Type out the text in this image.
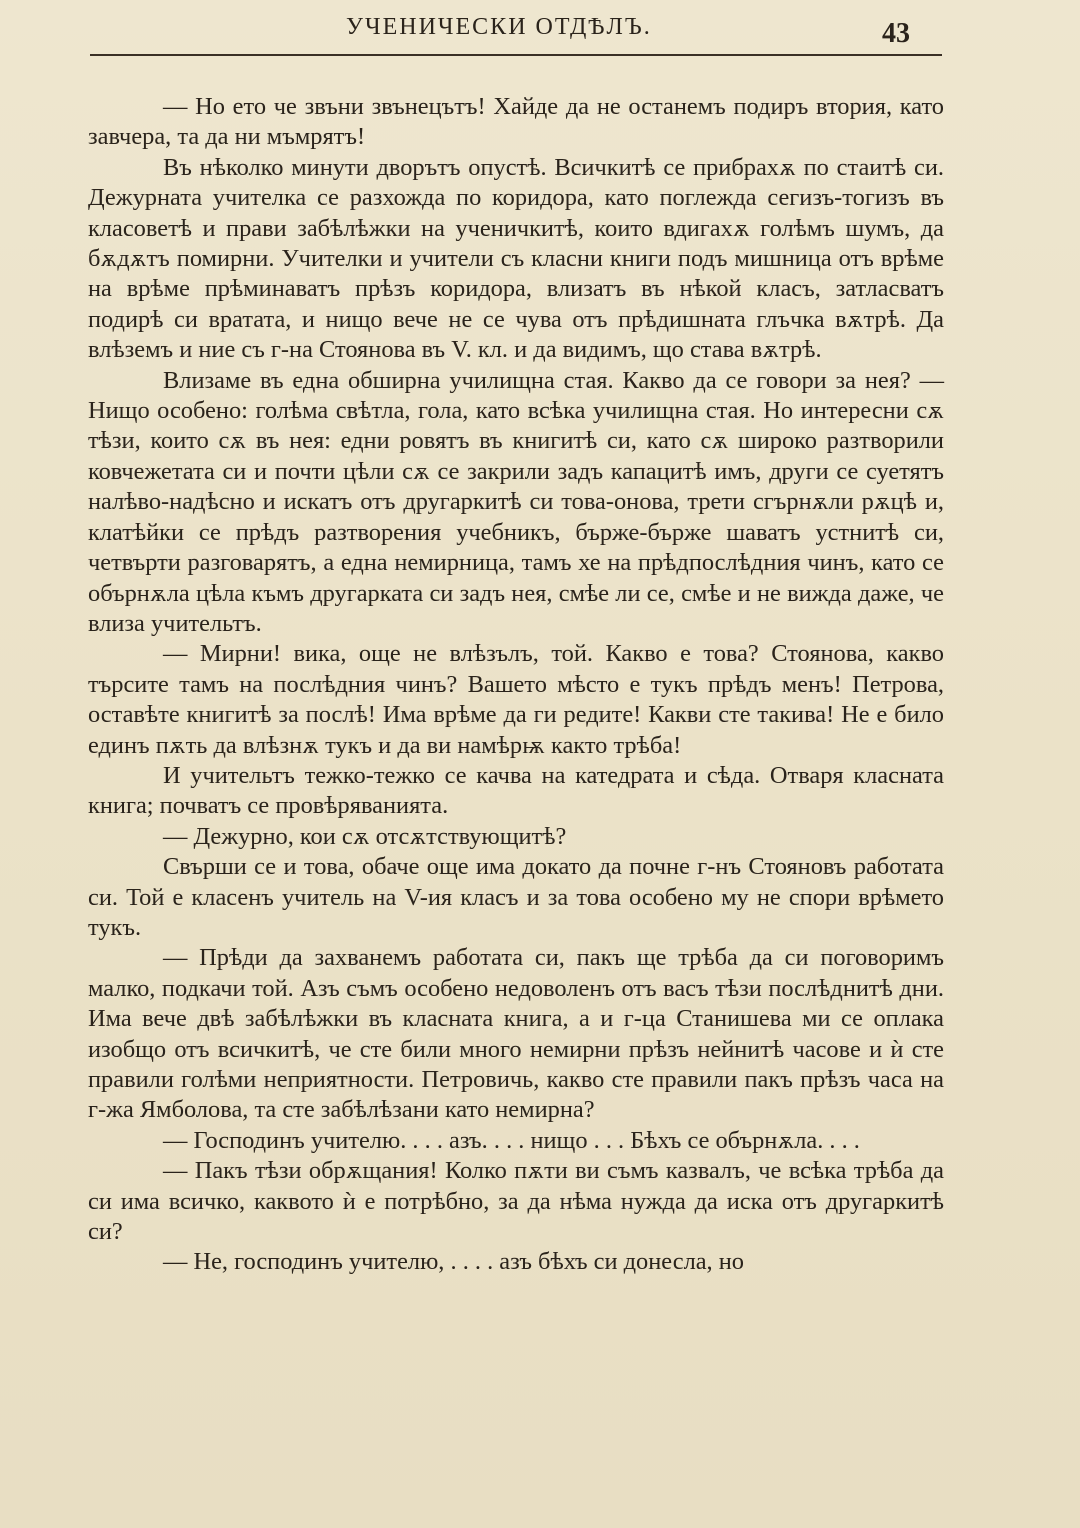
УЧЕНИЧЕСКИ ОТДѢЛЪ.	43

— Но ето че звъни звънецътъ! Хайде да не останемъ подиръ втория, като завчера, та да ни мъмрятъ!

Въ нѣколко минути дворътъ опустѣ. Всичкитѣ се прибрахѫ по стаитѣ си. Дежурната учителка се разхожда по коридора, като поглежда сегизъ-тогизъ въ класоветѣ и прави забѣлѣжки на ученичкитѣ, които вдигахѫ голѣмъ шумъ, да бѫдѫтъ помирни. Учителки и учители съ класни книги подъ мишница отъ врѣме на врѣме прѣминаватъ прѣзъ коридора, влизатъ въ нѣкой класъ, затласватъ подирѣ си вратата, и нищо вече не се чува отъ прѣдишната глъчка вѫтрѣ. Да влѣземъ и ние съ г-на Стоянова въ V. кл. и да видимъ, що става вѫтрѣ.

Влизаме въ една обширна училищна стая. Какво да се говори за нея? — Нищо особено: голѣма свѣтла, гола, като всѣка училищна стая. Но интересни сѫ тѣзи, които сѫ въ нея: едни ровятъ въ книгитѣ си, като сѫ широко разтворили ковчежетата си и почти цѣли сѫ се закрили задъ капацитѣ имъ, други се суетятъ налѣво-надѣсно и искатъ отъ другаркитѣ си това-онова, трети сгърнѫли рѫцѣ и, клатѣйки се прѣдъ разтворения учебникъ, бърже-бърже шаватъ устнитѣ си, четвърти разговарятъ, а една немирница, тамъ хе на прѣдпослѣдния чинъ, като се обърнѫла цѣла къмъ другарката си задъ нея, смѣе ли се, смѣе и не вижда даже, че влиза учительтъ.

— Мирни! вика, още не влѣзълъ, той. Какво е това? Стоянова, какво търсите тамъ на послѣдния чинъ? Вашето мѣсто е тукъ прѣдъ менъ! Петрова, оставѣте книгитѣ за послѣ! Има врѣме да ги редите! Какви сте такива! Не е било единъ пѫть да влѣзнѫ тукъ и да ви намѣрѭ както трѣба!

И учительтъ тежко-тежко се качва на катедрата и сѣда. Отваря класната книга; почватъ се провѣряванията.

— Дежурно, кои сѫ отсѫтствующитѣ?

Свърши се и това, обаче още има докато да почне г-нъ Стояновъ работата си. Той е класенъ учитель на V-ия класъ и за това особено му не спори врѣмето тукъ.

— Прѣди да захванемъ работата си, пакъ ще трѣба да си поговоримъ малко, подкачи той. Азъ съмъ особено недоволенъ отъ васъ тѣзи послѣднитѣ дни. Има вече двѣ забѣлѣжки въ класната книга, а и г-ца Станишева ми се оплака изобщо отъ всичкитѣ, че сте били много немирни прѣзъ нейнитѣ часове и ѝ сте правили голѣми неприятности. Петровичь, какво сте правили пакъ прѣзъ часа на г-жа Ямболова, та сте забѣлѣзани като немирна?

— Господинъ учителю. . . . азъ. . . . нищо . . . Бѣхъ се обърнѫла. . . .

— Пакъ тѣзи обрѫщания! Колко пѫти ви съмъ казвалъ, че всѣка трѣба да си има всичко, каквото ѝ е потрѣбно, за да нѣма нужда да иска отъ другаркитѣ си?

— Не, господинъ учителю, . . . . азъ бѣхъ си донесла, но
